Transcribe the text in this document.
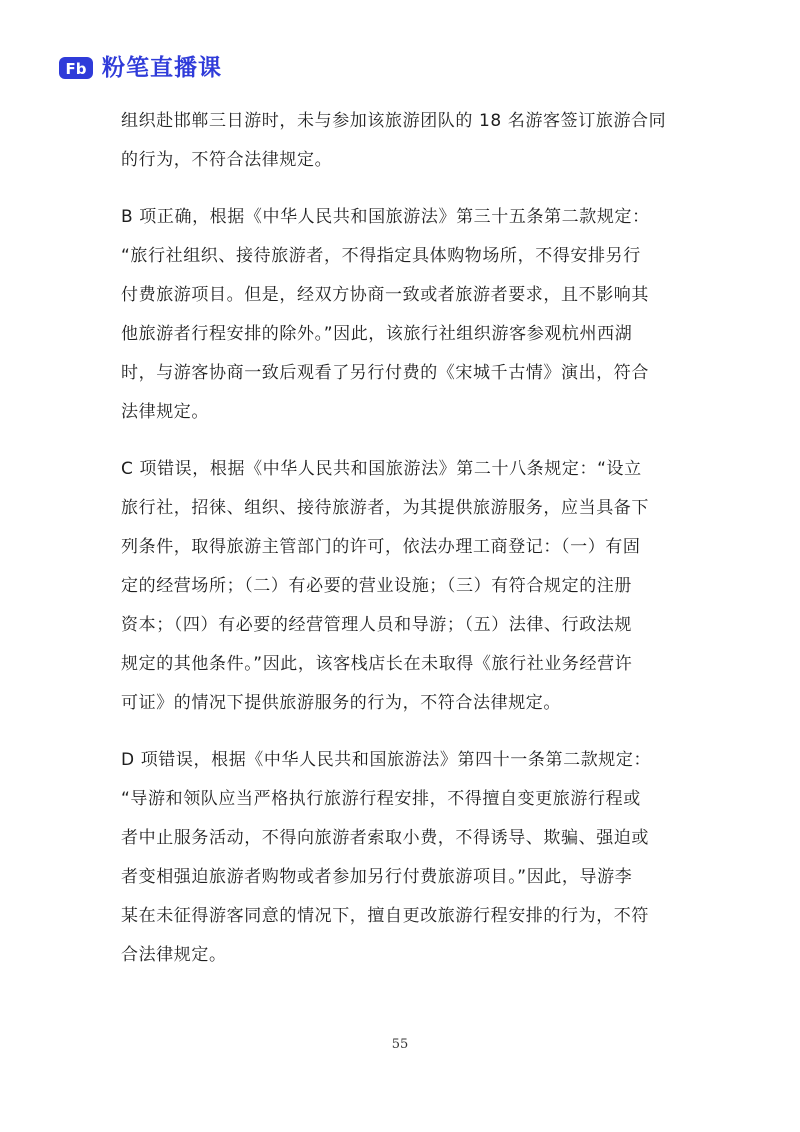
Fb 粉笔直播课
组织赴邯郸三日游时，未与参加该旅游团队的 18 名游客签订旅游合同
的行为，不符合法律规定。
B 项正确，根据《中华人民共和国旅游法》第三十五条第二款规定：
“旅行社组织、接待旅游者，不得指定具体购物场所，不得安排另行
付费旅游项目。但是，经双方协商一致或者旅游者要求，且不影响其
他旅游者行程安排的除外。”因此，该旅行社组织游客参观杭州西湖
时，与游客协商一致后观看了另行付费的《宋城千古情》演出，符合
法律规定。
C 项错误，根据《中华人民共和国旅游法》第二十八条规定：“设立
旅行社，招徕、组织、接待旅游者，为其提供旅游服务，应当具备下
列条件，取得旅游主管部门的许可，依法办理工商登记：（一）有固
定的经营场所；（二）有必要的营业设施；（三）有符合规定的注册
资本；（四）有必要的经营管理人员和导游；（五）法律、行政法规
规定的其他条件。”因此，该客栈店长在未取得《旅行社业务经营许
可证》的情况下提供旅游服务的行为，不符合法律规定。
D 项错误，根据《中华人民共和国旅游法》第四十一条第二款规定：
“导游和领队应当严格执行旅游行程安排，不得擅自变更旅游行程或
者中止服务活动，不得向旅游者索取小费，不得诱导、欺骗、强迫或
者变相强迫旅游者购物或者参加另行付费旅游项目。”因此，导游李
某在未征得游客同意的情况下，擅自更改旅游行程安排的行为，不符
合法律规定。
55
